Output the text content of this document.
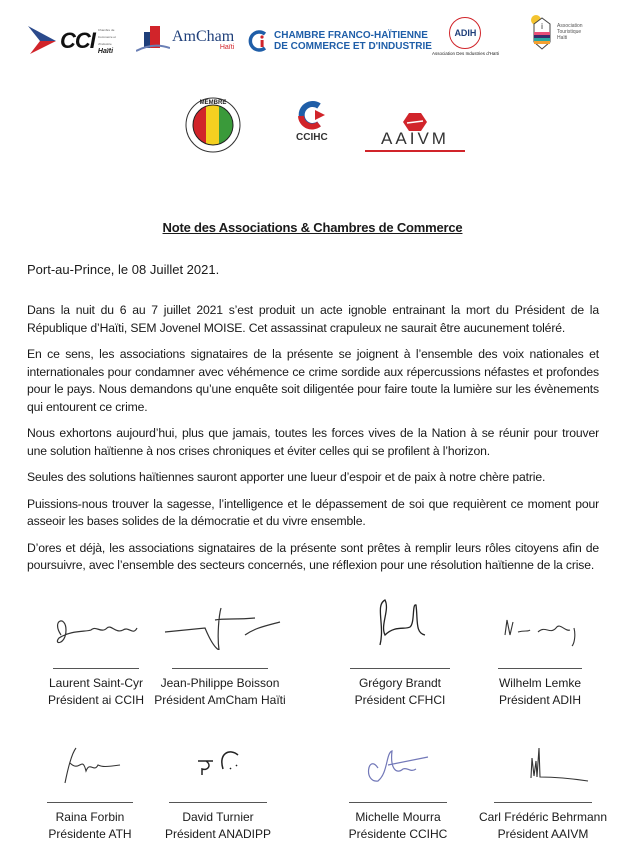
CCI Chambre de Commerce et d'Industrie
Haïti
AmCham
Haïti
CHAMBRE FRANCO-HAÏTIENNE
DE COMMERCE ET D'INDUSTRIE
ADIH
Association Des Industries d'Haïti
i	Association
Touristique
Haïti
MEMBRE
CCIHC	AAIVM
Note des Associations & Chambres de Commerce
Port-au-Prince, le 08 Juillet 2021.

Dans la nuit du 6 au 7 juillet 2021 s’est produit un acte ignoble entrainant la mort du Président de la République d’Haïti, SEM Jovenel MOISE. Cet assassinat crapuleux ne saurait être aucunement toléré.

En ce sens, les associations signataires de la présente se joignent à l’ensemble des voix nationales et internationales pour condamner avec véhémence ce crime sordide aux répercussions néfastes et profondes pour le pays. Nous demandons qu’une enquête soit diligentée pour faire toute la lumière sur les évènements qui entourent ce crime.

Nous exhortons aujourd’hui, plus que jamais, toutes les forces vives de la Nation à se réunir pour trouver une solution haïtienne à nos crises chroniques et éviter celles qui se profilent à l’horizon.

Seules des solutions haïtiennes sauront apporter une lueur d’espoir et de paix à notre chère patrie.

Puissions-nous trouver la sagesse, l’intelligence et le dépassement de soi que requièrent ce moment pour asseoir les bases solides de la démocratie et du vivre ensemble.

D’ores et déjà, les associations signataires de la présente sont prêtes à remplir leurs rôles citoyens afin de poursuivre, avec l’ensemble des secteurs concernés, une réflexion pour une résolution haïtienne de la crise.

Laurent Saint-Cyr
Président ai CCIH
Jean-Philippe Boisson
Président AmCham Haïti
Grégory Brandt
Président CFHCI
Wilhelm Lemke
Président ADIH
Raina Forbin
Présidente ATH
David Turnier
Président ANADIPP
Michelle Mourra
Présidente CCIHC
Carl Frédéric Behrmann
Président AAIVM
